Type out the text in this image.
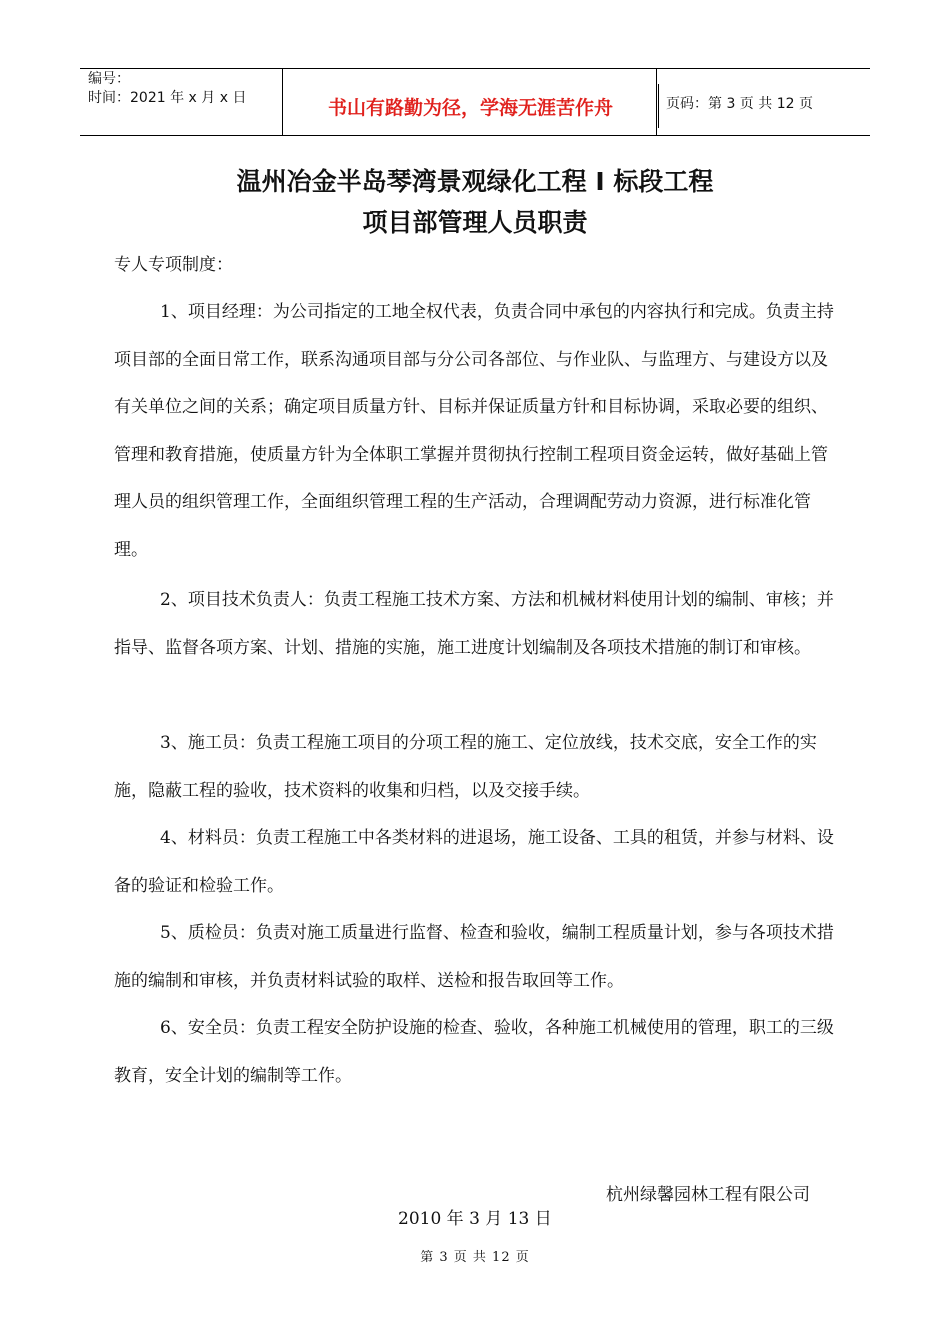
编号：
时间：2021 年 x 月 x 日	书山有路勤为径，学海无涯苦作舟	页码：第 3 页 共 12 页
温州冶金半岛琴湾景观绿化工程 I 标段工程
项目部管理人员职责
专人专项制度：
1、项目经理：为公司指定的工地全权代表，负责合同中承包的内容执行和完成。负责主持项目部的全面日常工作，联系沟通项目部与分公司各部位、与作业队、与监理方、与建设方以及有关单位之间的关系；确定项目质量方针、目标并保证质量方针和目标协调，采取必要的组织、管理和教育措施，使质量方针为全体职工掌握并贯彻执行控制工程项目资金运转，做好基础上管理人员的组织管理工作，全面组织管理工程的生产活动，合理调配劳动力资源，进行标准化管理。
2、项目技术负责人：负责工程施工技术方案、方法和机械材料使用计划的编制、审核；并指导、监督各项方案、计划、措施的实施，施工进度计划编制及各项技术措施的制订和审核。
3、施工员：负责工程施工项目的分项工程的施工、定位放线，技术交底，安全工作的实施，隐蔽工程的验收，技术资料的收集和归档，以及交接手续。
4、材料员：负责工程施工中各类材料的进退场，施工设备、工具的租赁，并参与材料、设备的验证和检验工作。
5、质检员：负责对施工质量进行监督、检查和验收，编制工程质量计划，参与各项技术措施的编制和审核，并负责材料试验的取样、送检和报告取回等工作。
6、安全员：负责工程安全防护设施的检查、验收，各种施工机械使用的管理，职工的三级教育，安全计划的编制等工作。
杭州绿馨园林工程有限公司
2010 年 3 月 13 日
第 3 页 共 12 页
